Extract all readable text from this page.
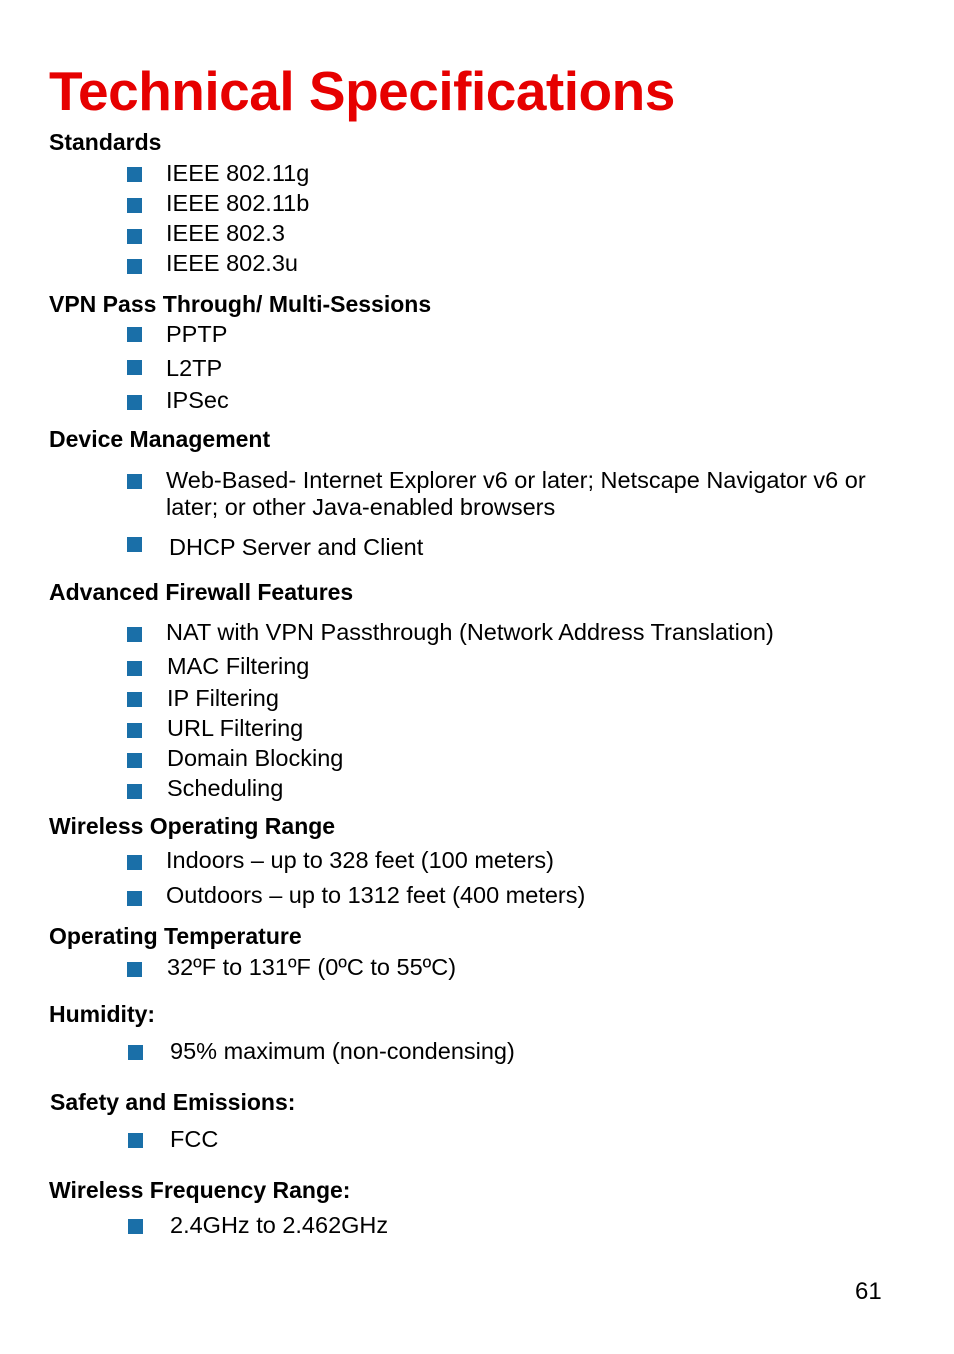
Technical Specifications
Standards
IEEE 802.11g
IEEE 802.11b
IEEE 802.3
IEEE 802.3u
VPN Pass Through/ Multi-Sessions
PPTP
L2TP
IPSec
Device Management
Web-Based- Internet Explorer v6 or later; Netscape Navigator v6 or later; or other Java-enabled browsers
DHCP Server and Client
Advanced Firewall Features
NAT with VPN Passthrough (Network Address Translation)
MAC Filtering
IP Filtering
URL Filtering
Domain Blocking
Scheduling
Wireless Operating Range
Indoors – up to 328 feet (100 meters)
Outdoors – up to 1312 feet (400 meters)
Operating Temperature
32ºF to 131ºF (0ºC to 55ºC)
Humidity:
95% maximum (non-condensing)
Safety and Emissions:
FCC
Wireless Frequency Range:
2.4GHz to 2.462GHz
61
